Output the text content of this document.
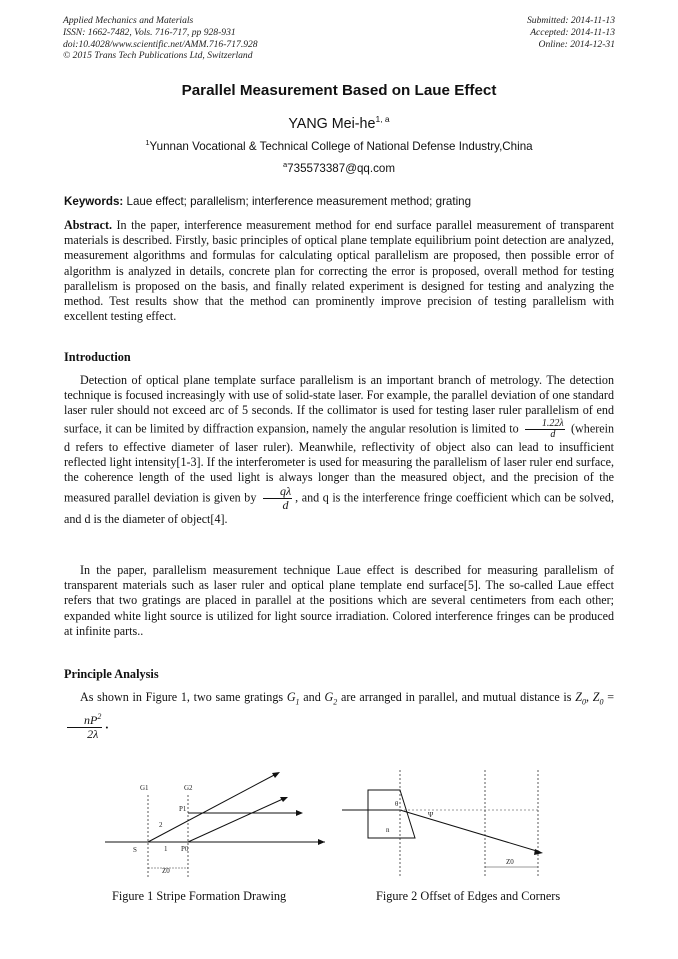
Applied Mechanics and Materials
ISSN: 1662-7482, Vols. 716-717, pp 928-931
doi:10.4028/www.scientific.net/AMM.716-717.928
© 2015 Trans Tech Publications Ltd, Switzerland
Submitted: 2014-11-13
Accepted: 2014-11-13
Online: 2014-12-31
Parallel Measurement Based on Laue Effect
YANG Mei-he$^{1, a}$
$^1$Yunnan Vocational & Technical College of National Defense Industry,China
$^a$735573387@qq.com
Keywords: Laue effect; parallelism; interference measurement method; grating
Abstract. In the paper, interference measurement method for end surface parallel measurement of transparent materials is described. Firstly, basic principles of optical plane template equilibrium point detection are analyzed, measurement algorithms and formulas for calculating optical parallelism are proposed, then possible error of algorithm is analyzed in details, concrete plan for correcting the error is proposed, overall method for testing parallelism is proposed on the basis, and finally related experiment is designed for testing and analyzing the method. Test results show that the method can prominently improve precision of testing parallelism with excellent testing effect.
Introduction
Detection of optical plane template surface parallelism is an important branch of metrology. The detection technique is focused increasingly with use of solid-state laser. For example, the parallel deviation of one standard laser ruler should not exceed arc of 5 seconds. If the collimator is used for testing laser ruler parallelism of end surface, it can be limited by diffraction expansion, namely the angular resolution is limited to $\frac{1.22\lambda}{d}$ (wherein d refers to effective diameter of laser ruler). Meanwhile, reflectivity of object also can lead to insufficient reflected light intensity[1-3]. If the interferometer is used for measuring the parallelism of laser ruler end surface, the coherence length of the used light is always longer than the measured object, and the precision of the measured parallel deviation is given by $\frac{q\lambda}{d}$ , and q is the interference fringe coefficient which can be solved, and d is the diameter of object[4].
In the paper, parallelism measurement technique Laue effect is described for measuring parallelism of transparent materials such as laser ruler and optical plane template end surface[5]. The so-called Laue effect refers that two gratings are placed in parallel at the positions which are several centimeters from each other; expanded white light source is utilized for light source irradiation. Colored interference fringes can be produced at infinite parts..
Principle Analysis
As shown in Figure 1, two same gratings $G_1$ and $G_2$ are arranged in parallel, and mutual distance is $Z_0$, $Z_0$ =
$\frac{nP^2}{2\lambda}$ .
G1	G2
P1
P0
S	1
2
Z0
θ
Ψ
n
Z0
Figure 1 Stripe Formation Drawing	Figure 2 Offset of Edges and Corners
